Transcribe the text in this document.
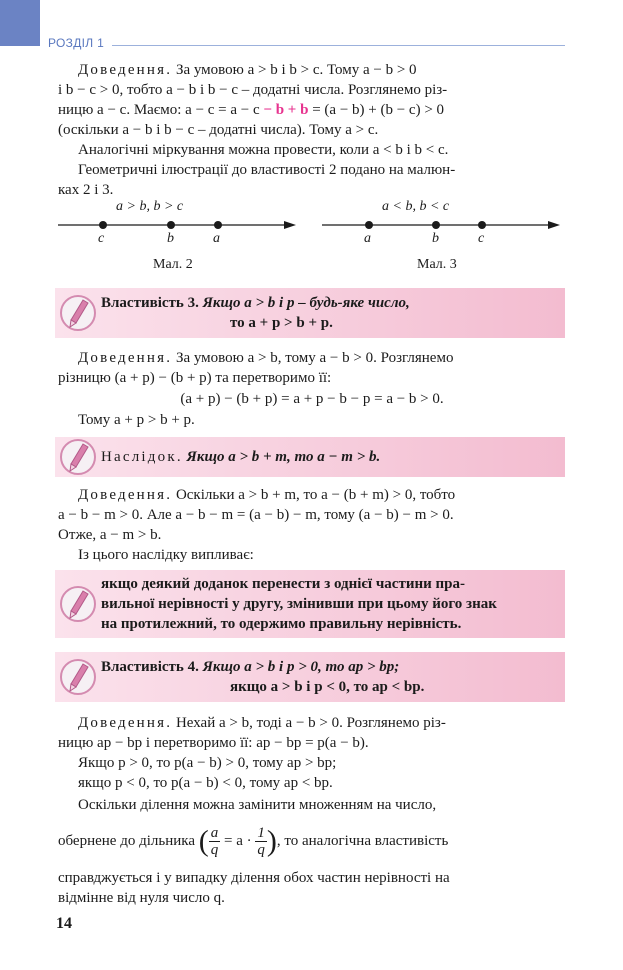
РОЗДІЛ 1
Доведення. За умовою a > b і b > c. Тому a − b > 0
і b − c > 0, тобто a − b і b − c – додатні числа. Розглянемо різ-
ницю a − c. Маємо: a − c = a − c − b + b = (a − b) + (b − c) > 0
(оскільки a − b і b − c – додатні числа). Тому a > c.
Аналогічні міркування можна провести, коли a < b і b < c.
Геометричні ілюстрації до властивості 2 подано на малюн-
ках 2 і 3.
a > b, b > c
c	b	a
Мал. 2
a < b, b < c
a	b	c
Мал. 3
Властивість 3. Якщо a > b і p – будь-яке число,
то a + p > b + p.
Доведення. За умовою a > b, тому a − b > 0. Розглянемо
різницю (a + p) − (b + p) та перетворимо її:
(a + p) − (b + p) = a + p − b − p = a − b > 0.
Тому a + p > b + p.
Наслідок. Якщо a > b + m, то a − m > b.
Доведення. Оскільки a > b + m, то a − (b + m) > 0, тобто
a − b − m > 0. Але a − b − m = (a − b) − m, тому (a − b) − m > 0.
Отже, a − m > b.
Із цього наслідку випливає:
якщо деякий доданок перенести з однієї частини пра-
вильної нерівності у другу, змінивши при цьому його знак
на протилежний, то одержимо правильну нерівність.
Властивість 4. Якщо a > b і p > 0, то ap > bp;
якщо a > b і p < 0, то ap < bp.
Доведення. Нехай a > b, тоді a − b > 0. Розглянемо різ-
ницю ap − bp і перетворимо її: ap − bp = p(a − b).
Якщо p > 0, то p(a − b) > 0, тому ap > bp;
якщо p < 0, то p(a − b) < 0, тому ap < bp.
Оскільки ділення можна замінити множенням на число,
обернене до дільника ( $\frac{a}{q} = a \cdot \frac{1}{q}$ ), то аналогічна властивість
справджується і у випадку ділення обох частин нерівності на
відмінне від нуля число q.
14
